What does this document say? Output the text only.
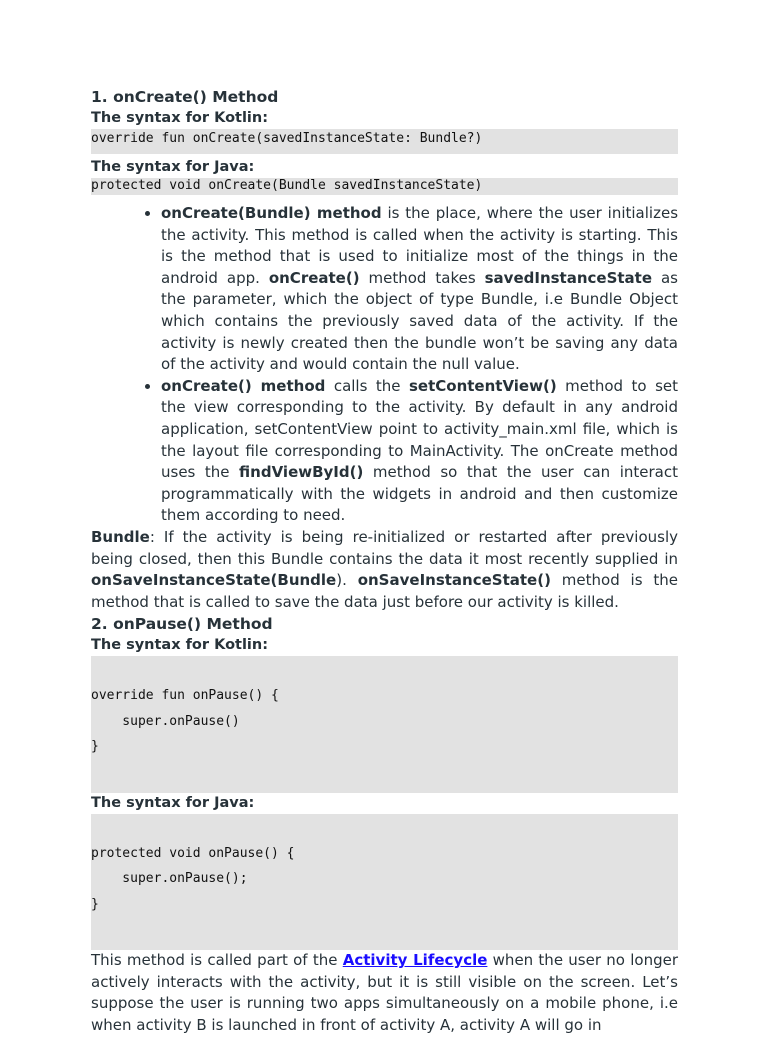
1. onCreate() Method
The syntax for Kotlin:
override fun onCreate(savedInstanceState: Bundle?)
The syntax for Java:
protected void onCreate(Bundle savedInstanceState)
• onCreate(Bundle) method is the place, where the user initializes the activity. This method is called when the activity is starting. This is the method that is used to initialize most of the things in the android app. onCreate() method takes savedInstanceState as the parameter, which the object of type Bundle, i.e Bundle Object which contains the previously saved data of the activity. If the activity is newly created then the bundle won’t be saving any data of the activity and would contain the null value.
• onCreate() method calls the setContentView() method to set the view corresponding to the activity. By default in any android application, setContentView point to activity_main.xml file, which is the layout file corresponding to MainActivity. The onCreate method uses the findViewById() method so that the user can interact programmatically with the widgets in android and then customize them according to need.

Bundle: If the activity is being re-initialized or restarted after previously being closed, then this Bundle contains the data it most recently supplied in onSaveInstanceState(Bundle). onSaveInstanceState() method is the method that is called to save the data just before our activity is killed.

2. onPause() Method
The syntax for Kotlin:

override fun onPause() {
super.onPause()
}

The syntax for Java:

protected void onPause() {
super.onPause();
}

This method is called part of the Activity Lifecycle when the user no longer actively interacts with the activity, but it is still visible on the screen. Let’s suppose the user is running two apps simultaneously on a mobile phone, i.e when activity B is launched in front of activity A, activity A will go in
